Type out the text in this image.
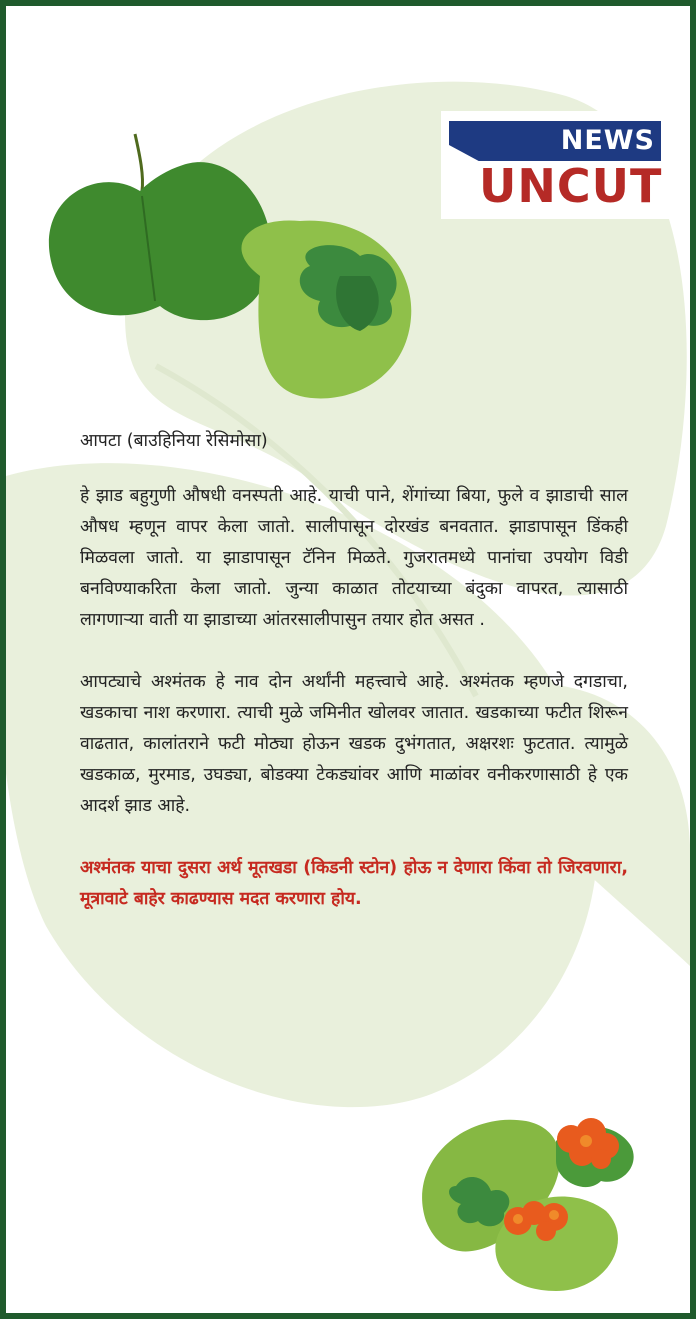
NEWS
UNCUT

आपटा (बाउहिनिया रेसिमोसा)

हे झाड बहुगुणी औषधी वनस्पती आहे. याची पाने, शेंगांच्या बिया, फुले व झाडाची साल औषध म्हणून वापर केला जातो. सालीपासून दोरखंड बनवतात. झाडापासून डिंकही मिळवला जातो. या झाडापासून टॅनिन मिळते. गुजरातमध्ये पानांचा उपयोग विडी बनविण्याकरिता केला जातो. जुन्या काळात तोटयाच्या बंदुका वापरत, त्यासाठी लागणाऱ्या वाती या झाडाच्या आंतरसालीपासुन तयार होत असत .

आपट्याचे अश्मंतक हे नाव दोन अर्थांनी महत्त्वाचे आहे. अश्मंतक म्हणजे दगडाचा, खडकाचा नाश करणारा. त्याची मुळे जमिनीत खोलवर जातात. खडकाच्या फटीत शिरून वाढतात, कालांतराने फटी मोठ्या होऊन खडक दुभंगतात, अक्षरशः फुटतात. त्यामुळे खडकाळ, मुरमाड, उघड्या, बोडक्या टेकड्यांवर आणि माळांवर वनीकरणासाठी हे एक आदर्श झाड आहे.

अश्मंतक याचा दुसरा अर्थ मूतखडा (किडनी स्टोन) होऊ न देणारा किंवा तो जिरवणारा, मूत्रावाटे बाहेर काढण्यास मदत करणारा होय.
